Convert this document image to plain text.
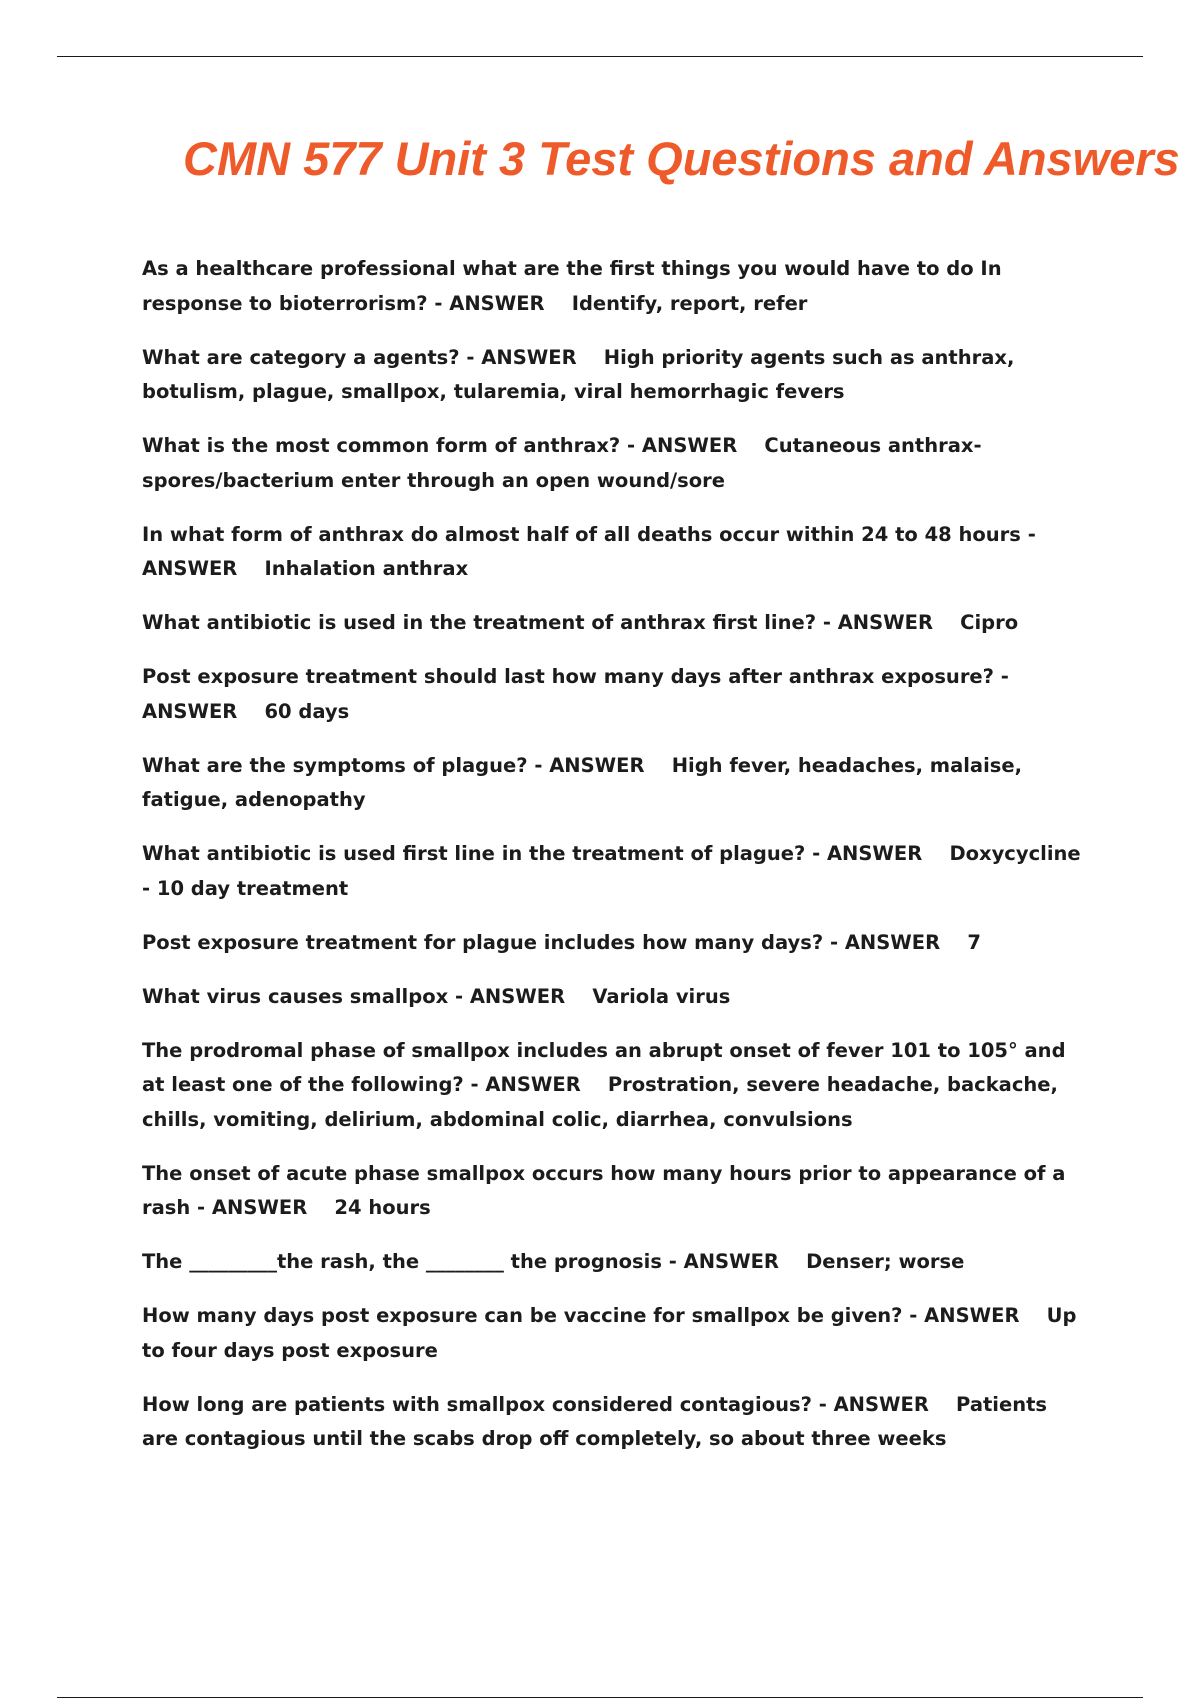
CMN 577 Unit 3 Test Questions and Answers

As a healthcare professional what are the first things you would have to do In response to bioterrorism? - ANSWER Identify, report, refer

What are category a agents? - ANSWER High priority agents such as anthrax, botulism, plague, smallpox, tularemia, viral hemorrhagic fevers

What is the most common form of anthrax? - ANSWER Cutaneous anthrax- spores/bacterium enter through an open wound/sore

In what form of anthrax do almost half of all deaths occur within 24 to 48 hours - ANSWER Inhalation anthrax

What antibiotic is used in the treatment of anthrax first line? - ANSWER Cipro

Post exposure treatment should last how many days after anthrax exposure? - ANSWER 60 days

What are the symptoms of plague? - ANSWER High fever, headaches, malaise, fatigue, adenopathy

What antibiotic is used first line in the treatment of plague? - ANSWER Doxycycline - 10 day treatment

Post exposure treatment for plague includes how many days? - ANSWER 7

What virus causes smallpox - ANSWER Variola virus

The prodromal phase of smallpox includes an abrupt onset of fever 101 to 105° and at least one of the following? - ANSWER Prostration, severe headache, backache, chills, vomiting, delirium, abdominal colic, diarrhea, convulsions

The onset of acute phase smallpox occurs how many hours prior to appearance of a rash - ANSWER 24 hours

The _________the rash, the ________ the prognosis - ANSWER Denser; worse

How many days post exposure can be vaccine for smallpox be given? - ANSWER Up to four days post exposure

How long are patients with smallpox considered contagious? - ANSWER Patients are contagious until the scabs drop off completely, so about three weeks
